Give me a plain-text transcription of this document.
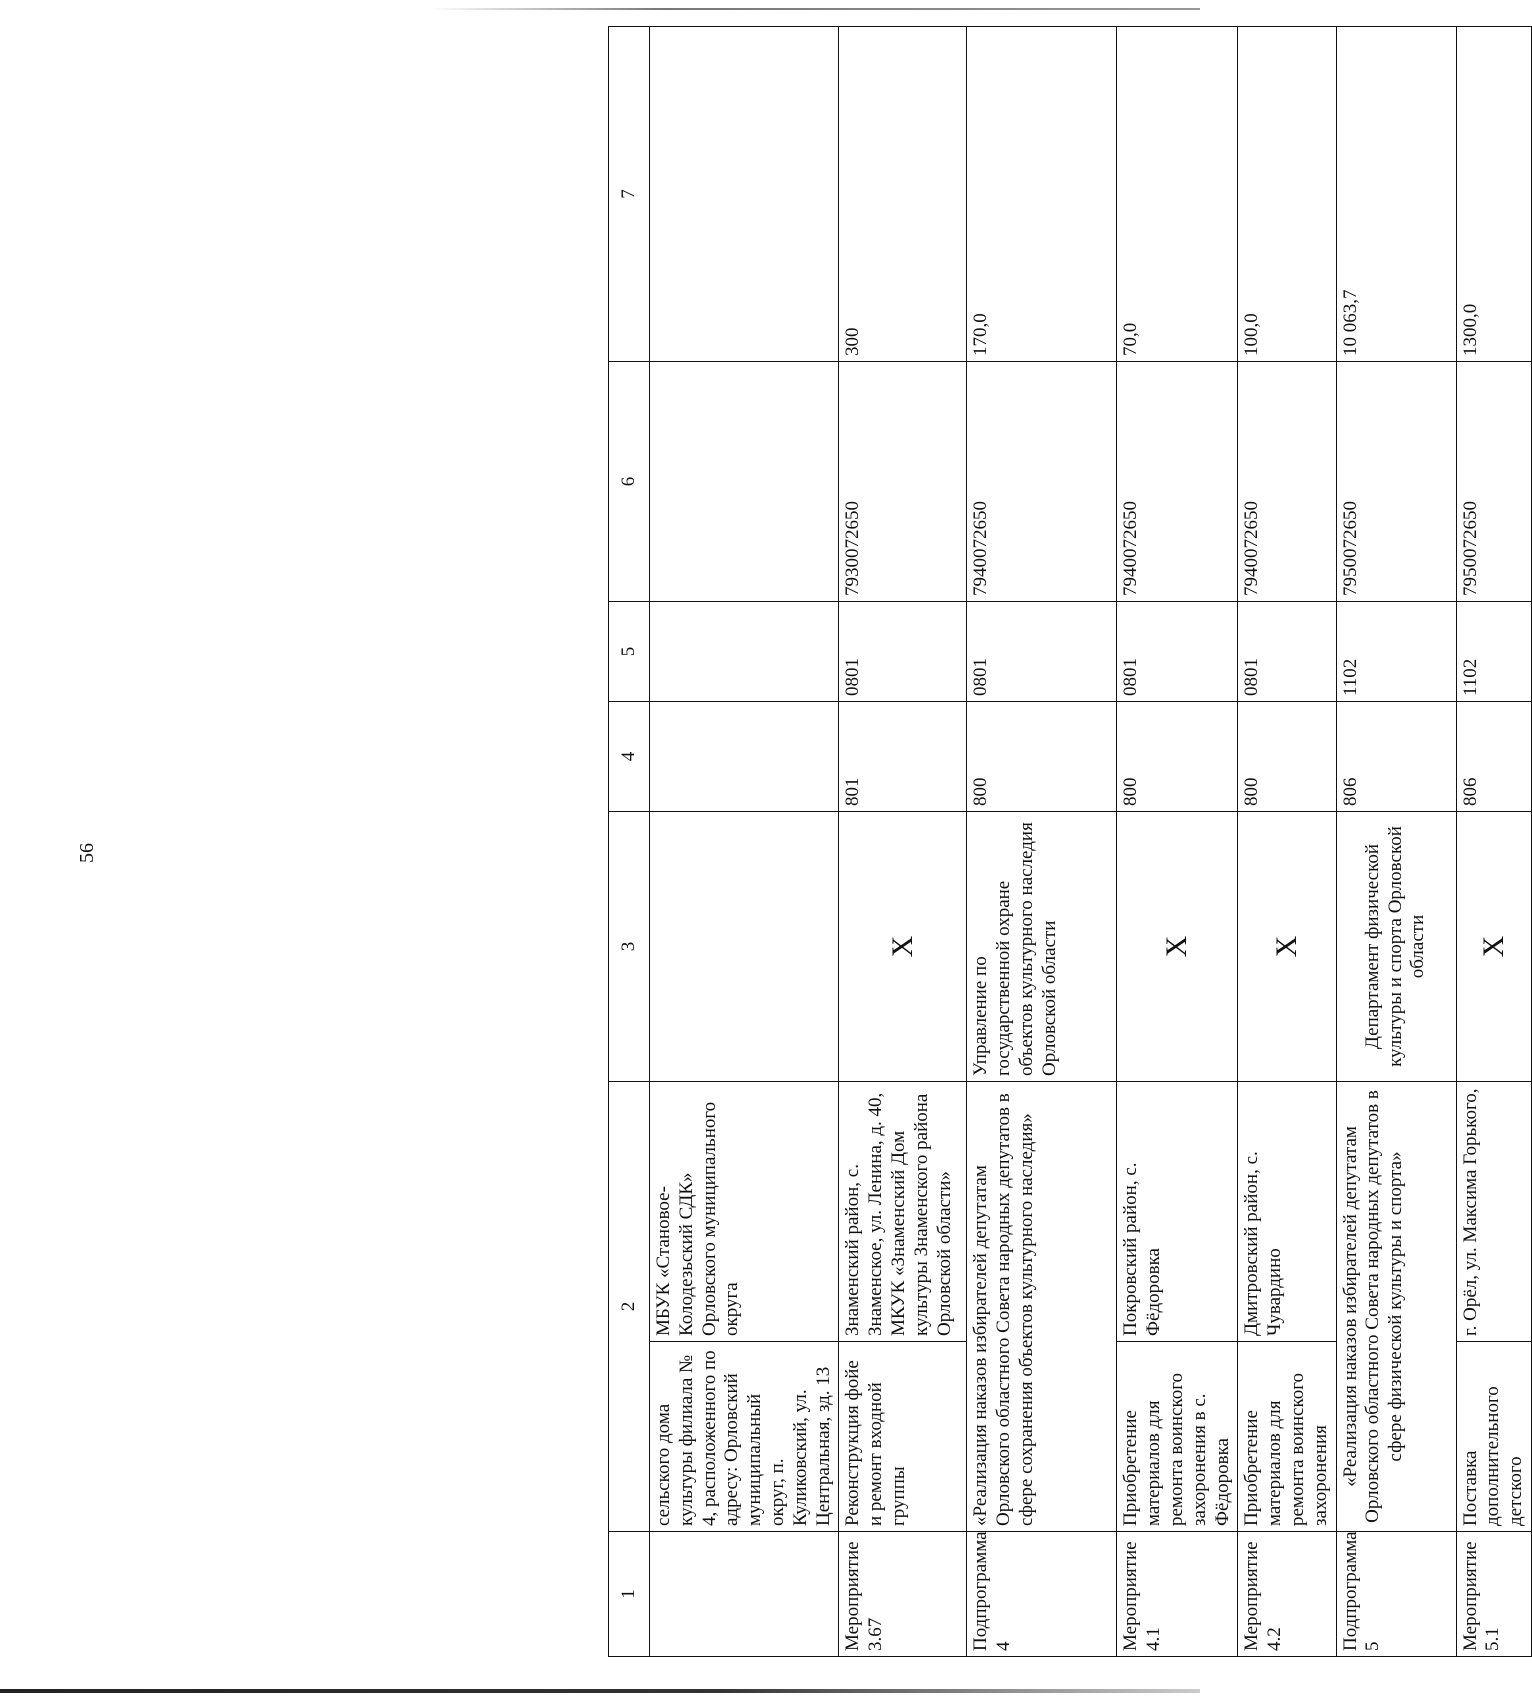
56
1	2		3	4	5	6	7
	сельского дома культуры филиала № 4, расположенного по адресу: Орловский муниципальный округ, п. Куликовский, ул. Центральная, зд. 13	МБУК «Становое-Колодезьский СДК» Орловского муниципального округа					
Мероприятие 3.67	Реконструкция фойе и ремонт входной группы	Знаменский район, с. Знаменское, ул. Ленина, д. 40, МКУК «Знаменский Дом культуры Знаменского района Орловской области»	Х	801	0801	7930072650	300
Подпрограмма 4	«Реализация наказов избирателей депутатам Орловского областного Совета народных депутатов в сфере сохранения объектов культурного наследия»		Управление по государственной охране объектов культурного наследия Орловской области	800	0801	7940072650	170,0
Мероприятие 4.1	Приобретение материалов для ремонта воинского захоронения в с. Фёдоровка	Покровский район, с. Фёдоровка	Х	800	0801	7940072650	70,0
Мероприятие 4.2	Приобретение материалов для ремонта воинского захоронения	Дмитровский район, с. Чувардино	Х	800	0801	7940072650	100,0
Подпрограмма 5	«Реализация наказов избирателей депутатам Орловского областного Совета народных депутатов в сфере физической культуры и спорта»		Департамент физической культуры и спорта Орловской области	806	1102	7950072650	10 063,7
Мероприятие 5.1	Поставка дополнительного детского	г. Орёл, ул. Максима Горького,	Х	806	1102	7950072650	1300,0
